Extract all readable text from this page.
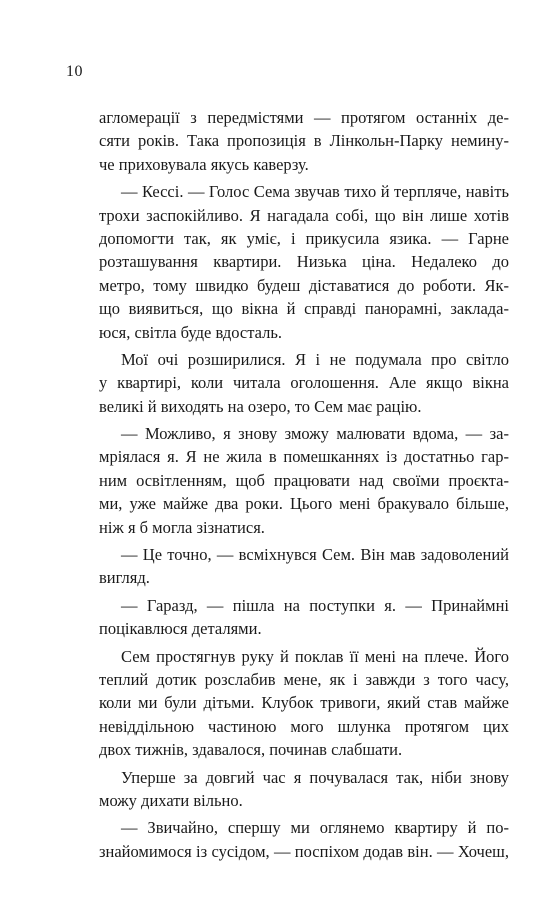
10
агломерації з передмістями — протягом останніх де-
сяти років. Така пропозиція в Лінкольн-Парку немину-
че приховувала якусь каверзу.
— Кессі. — Голос Сема звучав тихо й терпляче, навіть
трохи заспокійливо. Я нагадала собі, що він лише хотів
допомогти так, як уміє, і прикусила язика. — Гарне
розташування квартири. Низька ціна. Недалеко до
метро, тому швидко будеш діставатися до роботи. Як-
що виявиться, що вікна й справді панорамні, заклада-
юся, світла буде вдосталь.
Мої очі розширилися. Я і не подумала про світло
у квартирі, коли читала оголошення. Але якщо вікна
великі й виходять на озеро, то Сем має рацію.
— Можливо, я знову зможу малювати вдома, — за-
мріялася я. Я не жила в помешканнях із достатньо гар-
ним освітленням, щоб працювати над своїми проєкта-
ми, уже майже два роки. Цього мені бракувало більше,
ніж я б могла зізнатися.
— Це точно, — всміхнувся Сем. Він мав задоволений
вигляд.
— Гаразд, — пішла на поступки я. — Принаймні
поцікавлюся деталями.
Сем простягнув руку й поклав її мені на плече. Його
теплий дотик розслабив мене, як і завжди з того часу,
коли ми були дітьми. Клубок тривоги, який став майже
невіддільною частиною мого шлунка протягом цих
двох тижнів, здавалося, починав слабшати.
Уперше за довгий час я почувалася так, ніби знову
можу дихати вільно.
— Звичайно, спершу ми оглянемо квартиру й по-
знайомимося із сусідом, — поспіхом додав він. — Хочеш,
